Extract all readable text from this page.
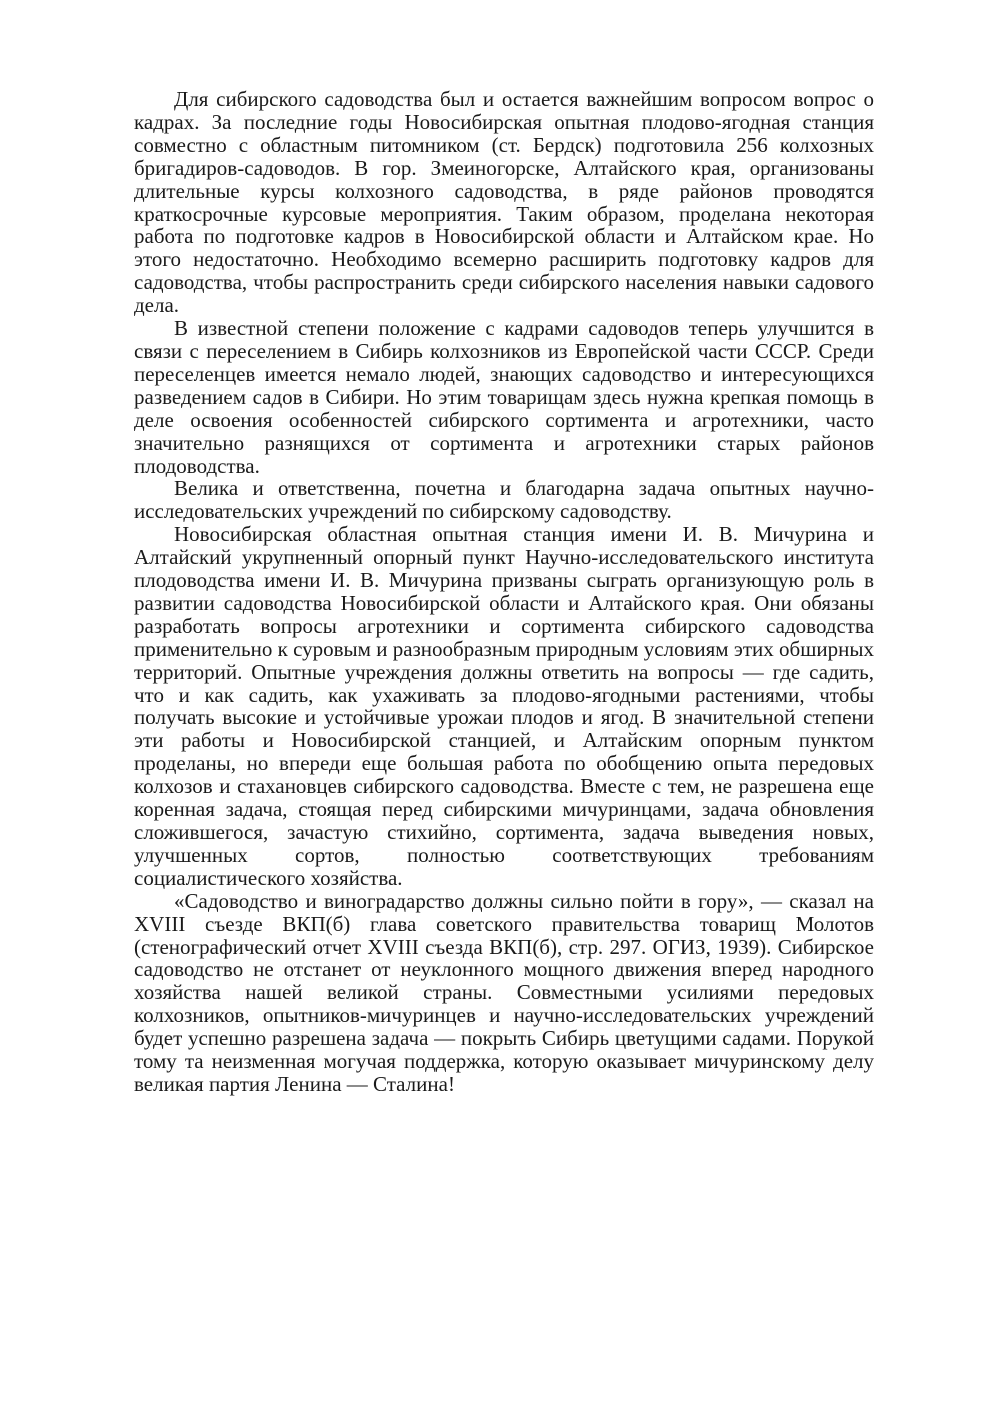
Для сибирского садоводства был и остается важнейшим вопросом вопрос о кадрах. За последние годы Новосибирская опытная плодово-ягодная станция совместно с областным питомником (ст. Бердск) подготовила 256 колхозных бригадиров-садоводов. В гор. Змеиногорске, Алтайского края, организованы длительные курсы колхозного садоводства, в ряде районов проводятся краткосрочные курсовые мероприятия. Таким образом, проделана некоторая работа по подготовке кадров в Новосибирской области и Алтайском крае. Но этого недостаточно. Необходимо всемерно расширить подготовку кадров для садоводства, чтобы распространить среди сибирского населения навыки садового дела.

В известной степени положение с кадрами садоводов теперь улучшится в связи с переселением в Сибирь колхозников из Европейской части СССР. Среди переселенцев имеется немало людей, знающих садоводство и интересующихся разведением садов в Сибири. Но этим товарищам здесь нужна крепкая помощь в деле освоения особенностей сибирского сортимента и агротехники, часто значительно разнящихся от сортимента и агротехники старых районов плодоводства.

Велика и ответственна, почетна и благодарна задача опытных научно-исследовательских учреждений по сибирскому садоводству.

Новосибирская областная опытная станция имени И. В. Мичурина и Алтайский укрупненный опорный пункт Научно-исследовательского института плодоводства имени И. В. Мичурина призваны сыграть организующую роль в развитии садоводства Новосибирской области и Алтайского края. Они обязаны разработать вопросы агротехники и сортимента сибирского садоводства применительно к суровым и разнообразным природным условиям этих обширных территорий. Опытные учреждения должны ответить на вопросы — где садить, что и как садить, как ухаживать за плодово-ягодными растениями, чтобы получать высокие и устойчивые урожаи плодов и ягод. В значительной степени эти работы и Новосибирской станцией, и Алтайским опорным пунктом проделаны, но впереди еще большая работа по обобщению опыта передовых колхозов и стахановцев сибирского садоводства. Вместе с тем, не разрешена еще коренная задача, стоящая перед сибирскими мичуринцами, задача обновления сложившегося, зачастую стихийно, сортимента, задача выведения новых, улучшенных сортов, полностью соответствующих требованиям социалистического хозяйства.

«Садоводство и виноградарство должны сильно пойти в гору», — сказал на XVIII съезде ВКП(б) глава советского правительства товарищ Молотов (стенографический отчет XVIII съезда ВКП(б), стр. 297. ОГИЗ, 1939). Сибирское садоводство не отстанет от неуклонного мощного движения вперед народного хозяйства нашей великой страны. Совместными усилиями передовых колхозников, опытников-мичуринцев и научно-исследовательских учреждений будет успешно разрешена задача — покрыть Сибирь цветущими садами. Порукой тому та неизменная могучая поддержка, которую оказывает мичуринскому делу великая партия Ленина — Сталина!
